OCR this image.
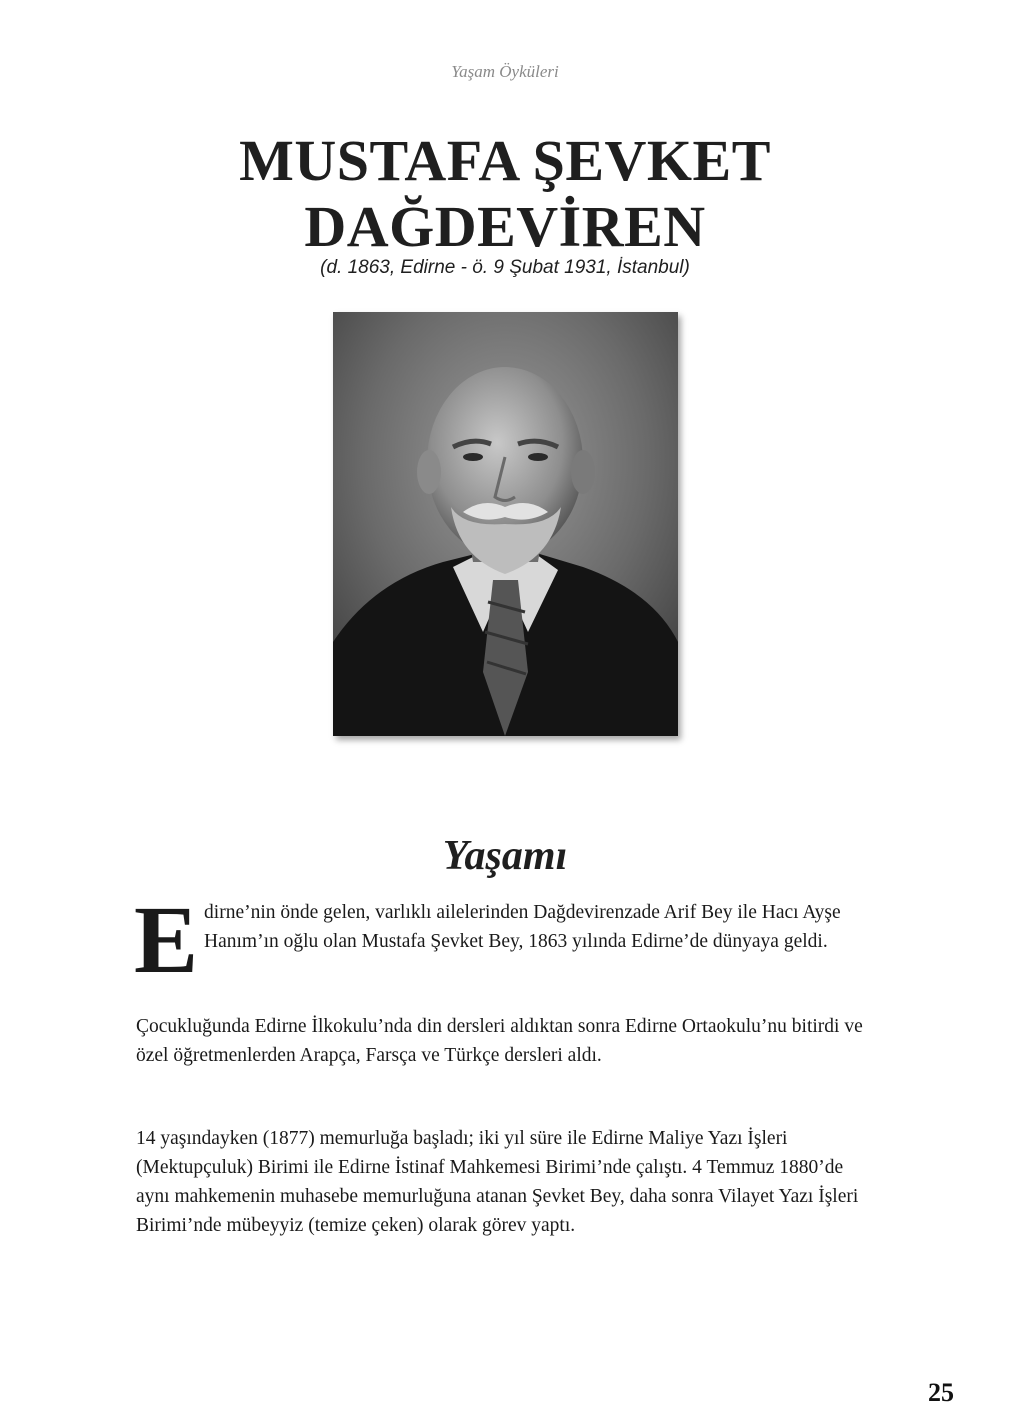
Yaşam Öyküleri
MUSTAFA ŞEVKET
DAĞDEVİREN
(d. 1863, Edirne - ö. 9 Şubat 1931, İstanbul)
Yaşamı

Edirne’nin önde gelen, varlıklı ailelerinden Dağdevirenzade Arif Bey ile Hacı Ayşe Hanım’ın oğlu olan Mustafa Şevket Bey, 1863 yılında Edirne’de dünyaya geldi.

Çocukluğunda Edirne İlkokulu’nda din dersleri aldıktan sonra Edirne Ortaokulu’nu bitirdi ve özel öğretmenlerden Arapça, Farsça ve Türkçe dersleri aldı.

14 yaşındayken (1877) memurluğa başladı; iki yıl süre ile Edirne Maliye Yazı İşleri (Mektupçuluk) Birimi ile Edirne İstinaf Mahkemesi Birimi’nde çalıştı. 4 Temmuz 1880’de aynı mahkemenin muhasebe memurluğuna atanan Şevket Bey, daha sonra Vilayet Yazı İşleri Birimi’nde mübeyyiz (temize çeken) olarak görev yaptı.

25
